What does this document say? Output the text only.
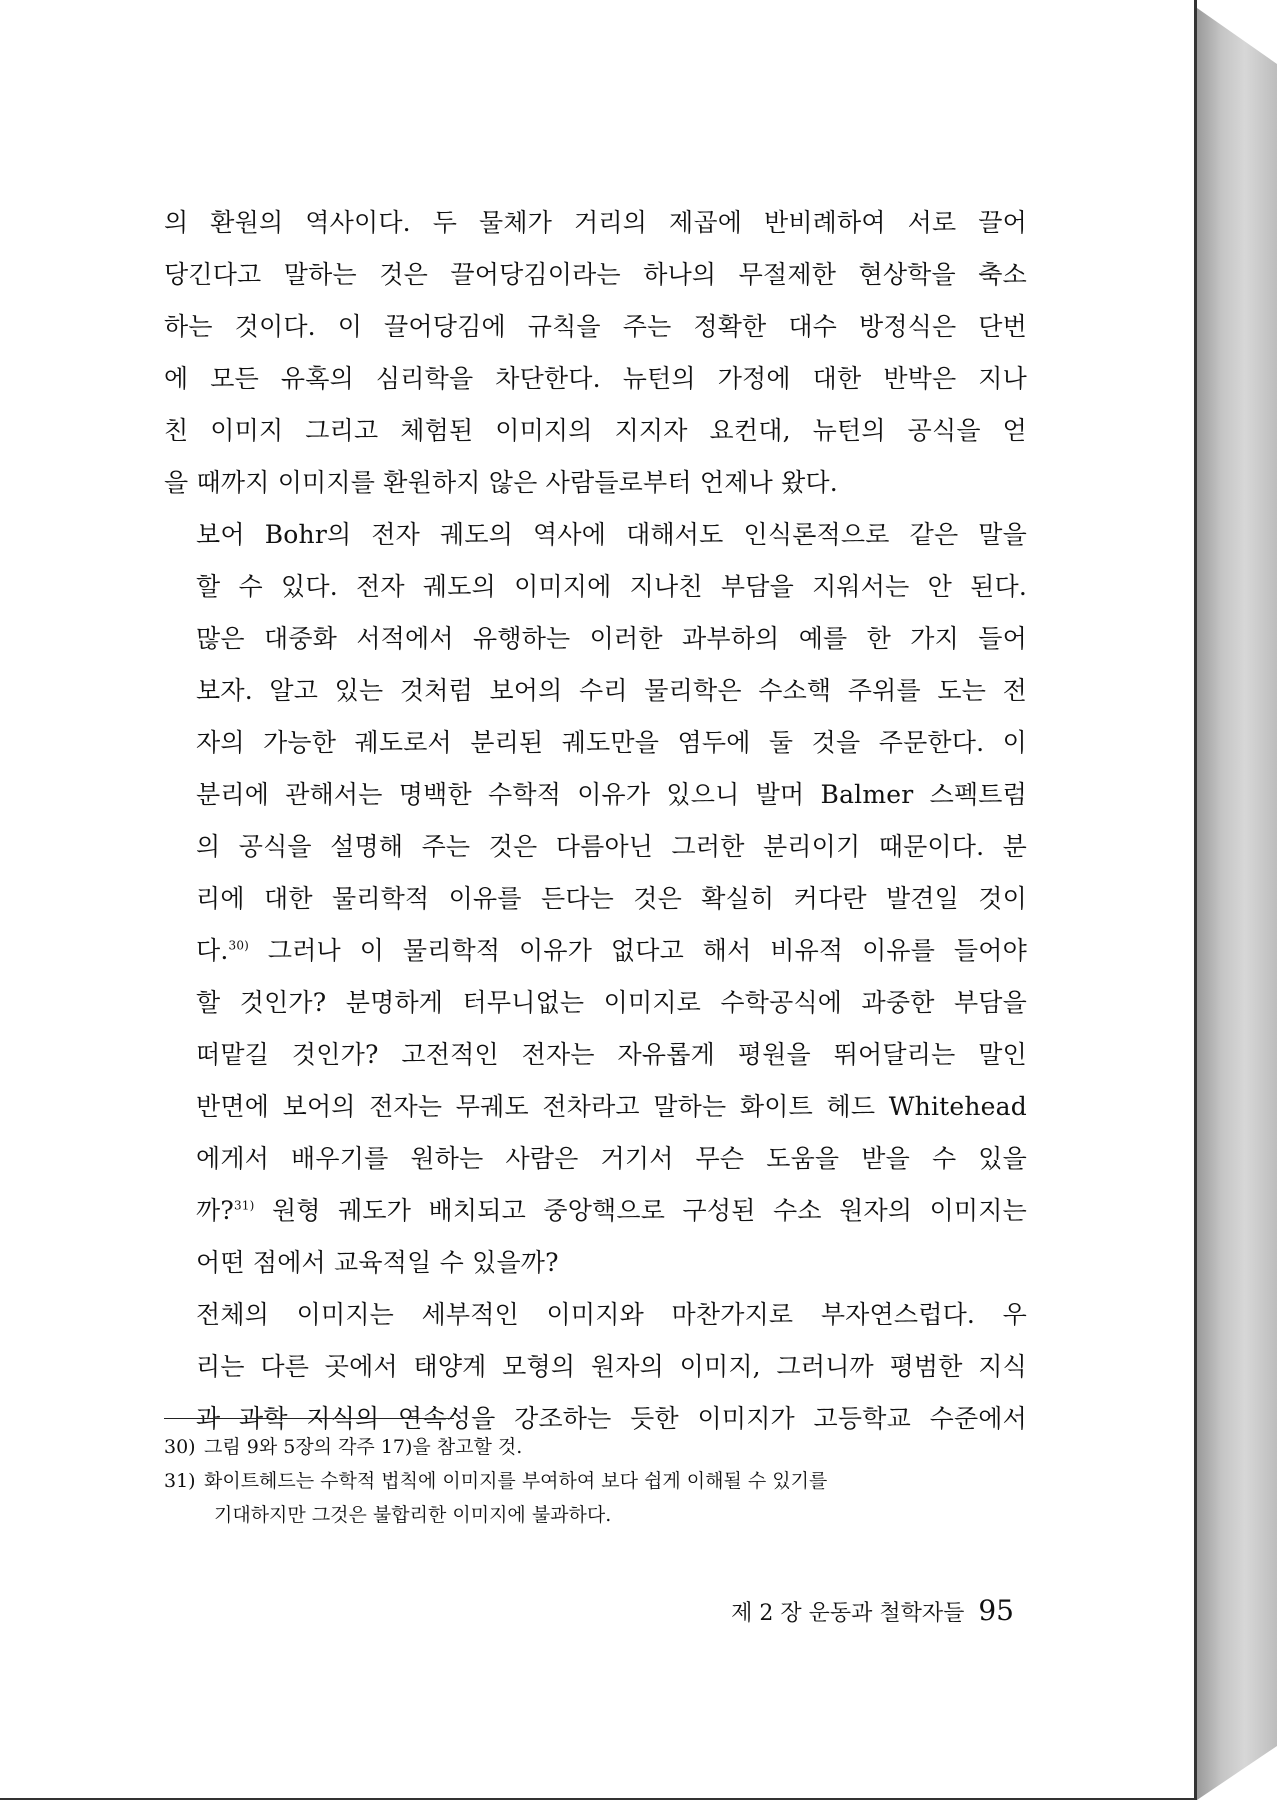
의 환원의 역사이다. 두 물체가 거리의 제곱에 반비례하여 서로 끌어
당긴다고 말하는 것은 끌어당김이라는 하나의 무절제한 현상학을 축소
하는 것이다. 이 끌어당김에 규칙을 주는 정확한 대수 방정식은 단번
에 모든 유혹의 심리학을 차단한다. 뉴턴의 가정에 대한 반박은 지나
친 이미지 그리고 체험된 이미지의 지지자 요컨대, 뉴턴의 공식을 얻
을 때까지 이미지를 환원하지 않은 사람들로부터 언제나 왔다.

보어 Bohr의 전자 궤도의 역사에 대해서도 인식론적으로 같은 말을
할 수 있다. 전자 궤도의 이미지에 지나친 부담을 지워서는 안 된다.
많은 대중화 서적에서 유행하는 이러한 과부하의 예를 한 가지 들어
보자. 알고 있는 것처럼 보어의 수리 물리학은 수소핵 주위를 도는 전
자의 가능한 궤도로서 분리된 궤도만을 염두에 둘 것을 주문한다. 이
분리에 관해서는 명백한 수학적 이유가 있으니 발머 Balmer 스펙트럼
의 공식을 설명해 주는 것은 다름아닌 그러한 분리이기 때문이다. 분
리에 대한 물리학적 이유를 든다는 것은 확실히 커다란 발견일 것이
다.$^{30)}$ 그러나 이 물리학적 이유가 없다고 해서 비유적 이유를 들어야
할 것인가? 분명하게 터무니없는 이미지로 수학공식에 과중한 부담을
떠맡길 것인가? 고전적인 전자는 자유롭게 평원을 뛰어달리는 말인
반면에 보어의 전자는 무궤도 전차라고 말하는 화이트 헤드 Whitehead
에게서 배우기를 원하는 사람은 거기서 무슨 도움을 받을 수 있을
까?$^{31)}$ 원형 궤도가 배치되고 중앙핵으로 구성된 수소 원자의 이미지는
어떤 점에서 교육적일 수 있을까?

전체의 이미지는 세부적인 이미지와 마찬가지로 부자연스럽다. 우
리는 다른 곳에서 태양계 모형의 원자의 이미지, 그러니까 평범한 지식
과 과학 지식의 연속성을 강조하는 듯한 이미지가 고등학교 수준에서

30) 그림 9와 5장의 각주 17)을 참고할 것.
31) 화이트헤드는 수학적 법칙에 이미지를 부여하여 보다 쉽게 이해될 수 있기를
기대하지만 그것은 불합리한 이미지에 불과하다.
제 2 장 운동과 철학자들 95
